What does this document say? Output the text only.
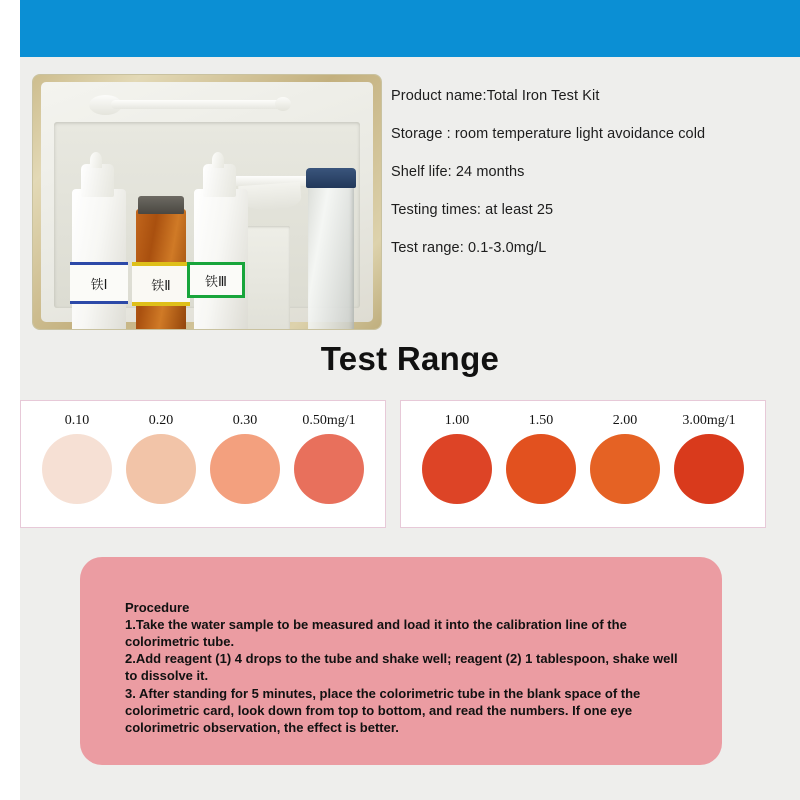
铁Ⅰ	铁Ⅱ	铁Ⅲ
Product name:Total Iron Test Kit
Storage : room temperature light avoidance cold
Shelf life: 24 months
Testing times: at least 25
Test range: 0.1-3.0mg/L
Test Range
0.10	0.20	0.30	0.50mg/1	1.00	1.50	2.00	3.00mg/1
Procedure
1.Take the water sample to be measured and load it into the calibration line of the colorimetric tube.
2.Add reagent (1) 4 drops to the tube and shake well; reagent (2) 1 tablespoon, shake well to dissolve it.
3. After standing for 5 minutes, place the colorimetric tube in the blank space of the colorimetric card, look down from top to bottom, and read the numbers. If one eye colorimetric observation, the effect is better.
